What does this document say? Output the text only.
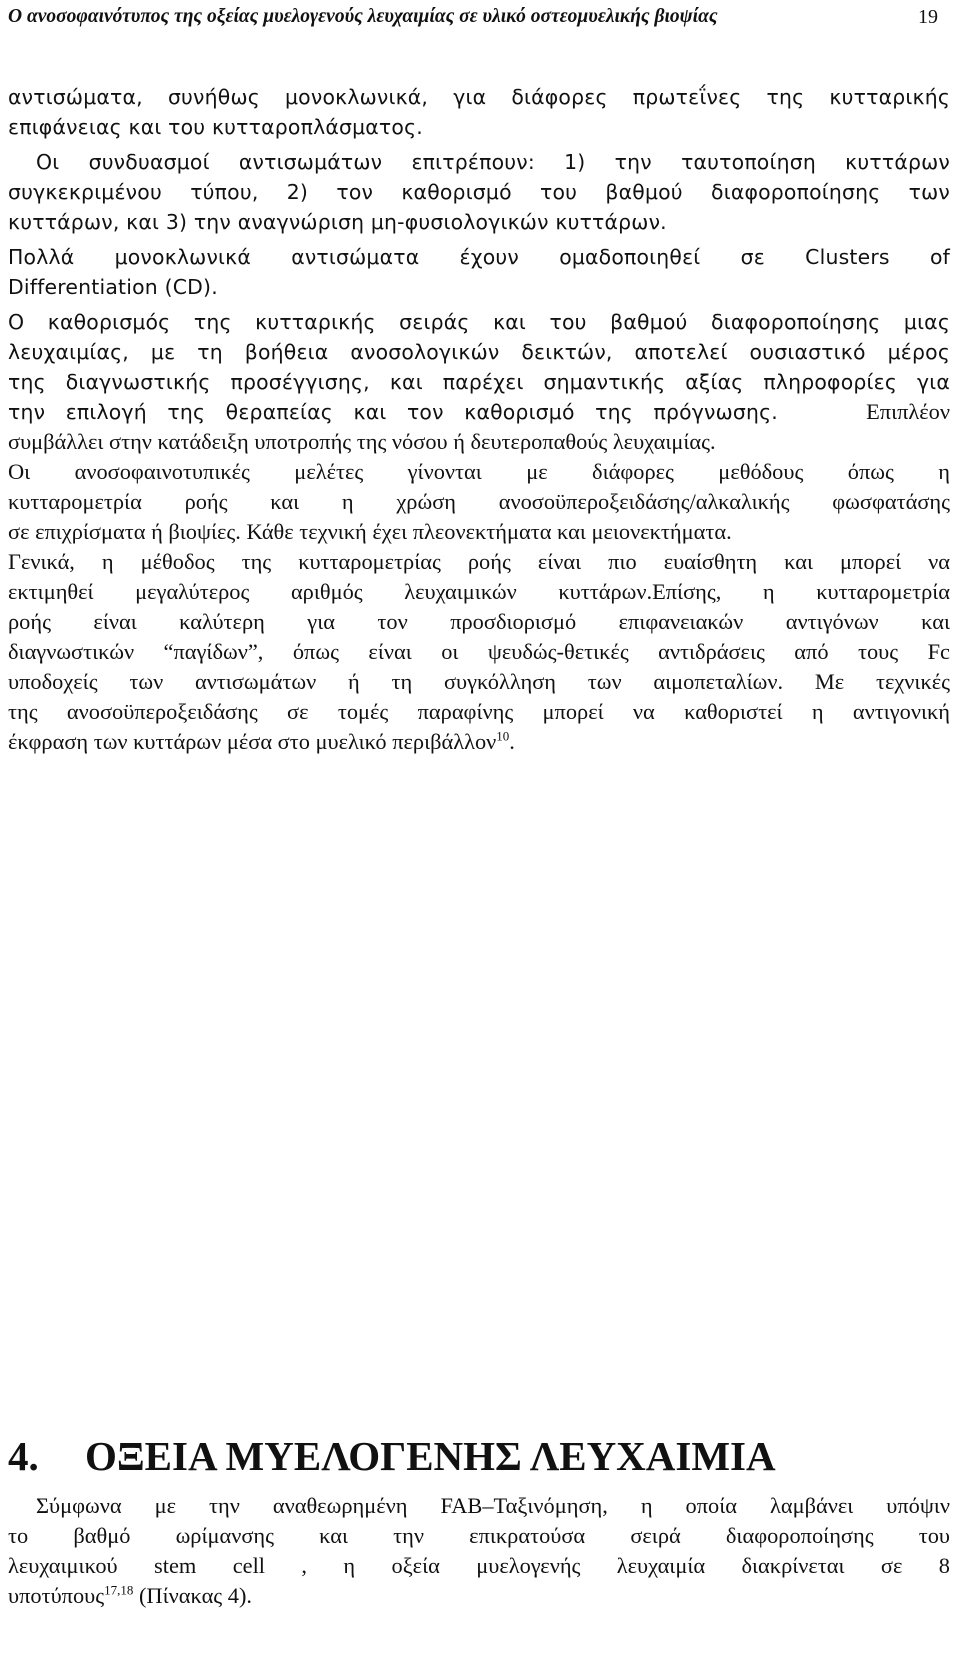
Ο ανοσοφαινότυπος της οξείας μυελογενούς λευχαιμίας σε υλικό οστεομυελικής βιοψίας	19
αντισώματα, συνήθως μονοκλωνικά, για διάφορες πρωτεΐνες της κυτταρικής
επιφάνειας και του κυτταροπλάσματος.
Οι συνδυασμοί αντισωμάτων επιτρέπουν: 1) την ταυτοποίηση κυττάρων
συγκεκριμένου τύπου, 2) τον καθορισμό του βαθμού διαφοροποίησης των
κυττάρων, και 3) την αναγνώριση μη-φυσιολογικών κυττάρων.
Πολλά μονοκλωνικά αντισώματα έχουν ομαδοποιηθεί σε Clusters of
Differentiation (CD).
Ο καθορισμός της κυτταρικής σειράς και του βαθμού διαφοροποίησης μιας
λευχαιμίας, με τη βοήθεια ανοσολογικών δεικτών, αποτελεί ουσιαστικό μέρος
της διαγνωστικής προσέγγισης, και παρέχει σημαντικής αξίας πληροφορίες για
την επιλογή της θεραπείας και τον καθορισμό της πρόγνωσης.	Επιπλέον
συμβάλλει στην κατάδειξη υποτροπής της νόσου ή δευτεροπαθούς λευχαιμίας.
Οι ανοσοφαινοτυπικές μελέτες γίνονται με διάφορες μεθόδους όπως η
κυτταρομετρία ροής και η χρώση ανοσοϋπεροξειδάσης/αλκαλικής φωσφατάσης
σε επιχρίσματα ή βιοψίες. Κάθε τεχνική έχει πλεονεκτήματα και μειονεκτήματα.
Γενικά, η μέθοδος της κυτταρομετρίας ροής είναι πιο ευαίσθητη και μπορεί να
εκτιμηθεί μεγαλύτερος αριθμός λευχαιμικών κυττάρων.Επίσης, η κυτταρομετρία
ροής είναι καλύτερη για τον προσδιορισμό επιφανειακών αντιγόνων και
διαγνωστικών “παγίδων”, όπως είναι οι ψευδώς-θετικές αντιδράσεις από τους Fc
υποδοχείς των αντισωμάτων ή τη συγκόλληση των αιμοπεταλίων. Με τεχνικές
της ανοσοϋπεροξειδάσης σε τομές παραφίνης μπορεί να καθοριστεί η αντιγονική
έκφραση των κυττάρων μέσα στο μυελικό περιβάλλον$^{10}$.
4. ΟΞΕΙΑ ΜΥΕΛΟΓΕΝΗΣ ΛΕΥΧΑΙΜΙΑ
Σύμφωνα με την αναθεωρημένη FAB–Ταξινόμηση, η οποία λαμβάνει υπόψιν
το βαθμό ωρίμανσης και την επικρατούσα σειρά διαφοροποίησης του
λευχαιμικού stem cell , η οξεία μυελογενής λευχαιμία διακρίνεται σε 8
υποτύπους$^{17,18}$ (Πίνακας 4).
